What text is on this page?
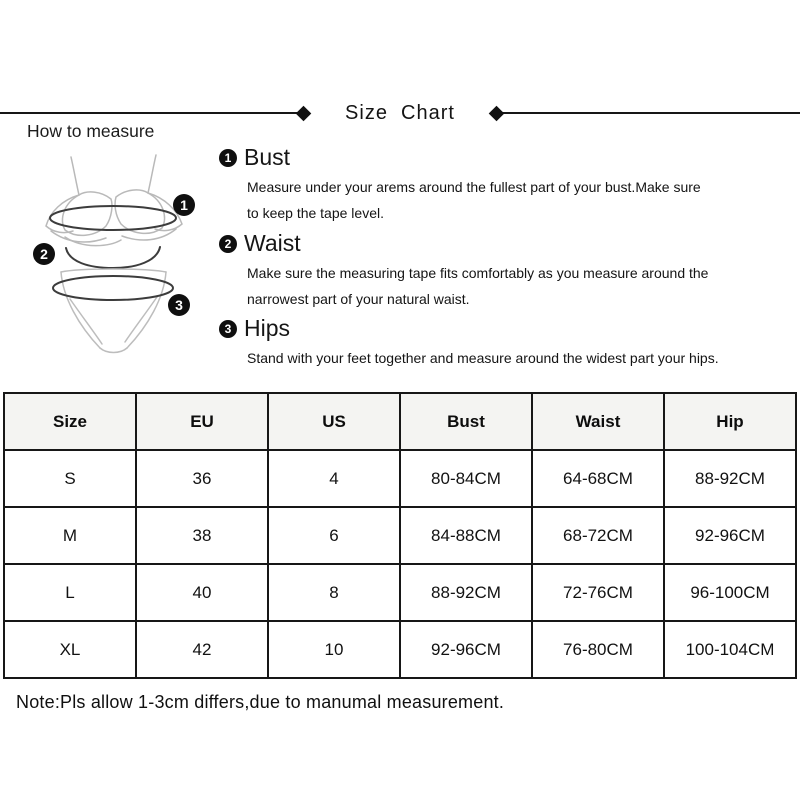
Size  Chart
How to measure
1
2
3
1 Bust
Measure under your arems around the fullest part of your bust.Make sure
to keep the tape level.
2 Waist
Make sure the measuring tape fits comfortably as you measure around the
narrowest part of your natural waist.
3 Hips
Stand with your feet together and measure around the widest part your hips.
Size	EU	US	Bust	Waist	Hip
S	36	4	80-84CM	64-68CM	88-92CM
M	38	6	84-88CM	68-72CM	92-96CM
L	40	8	88-92CM	72-76CM	96-100CM
XL	42	10	92-96CM	76-80CM	100-104CM

Note:Pls allow 1-3cm differs,due to manumal measurement.
